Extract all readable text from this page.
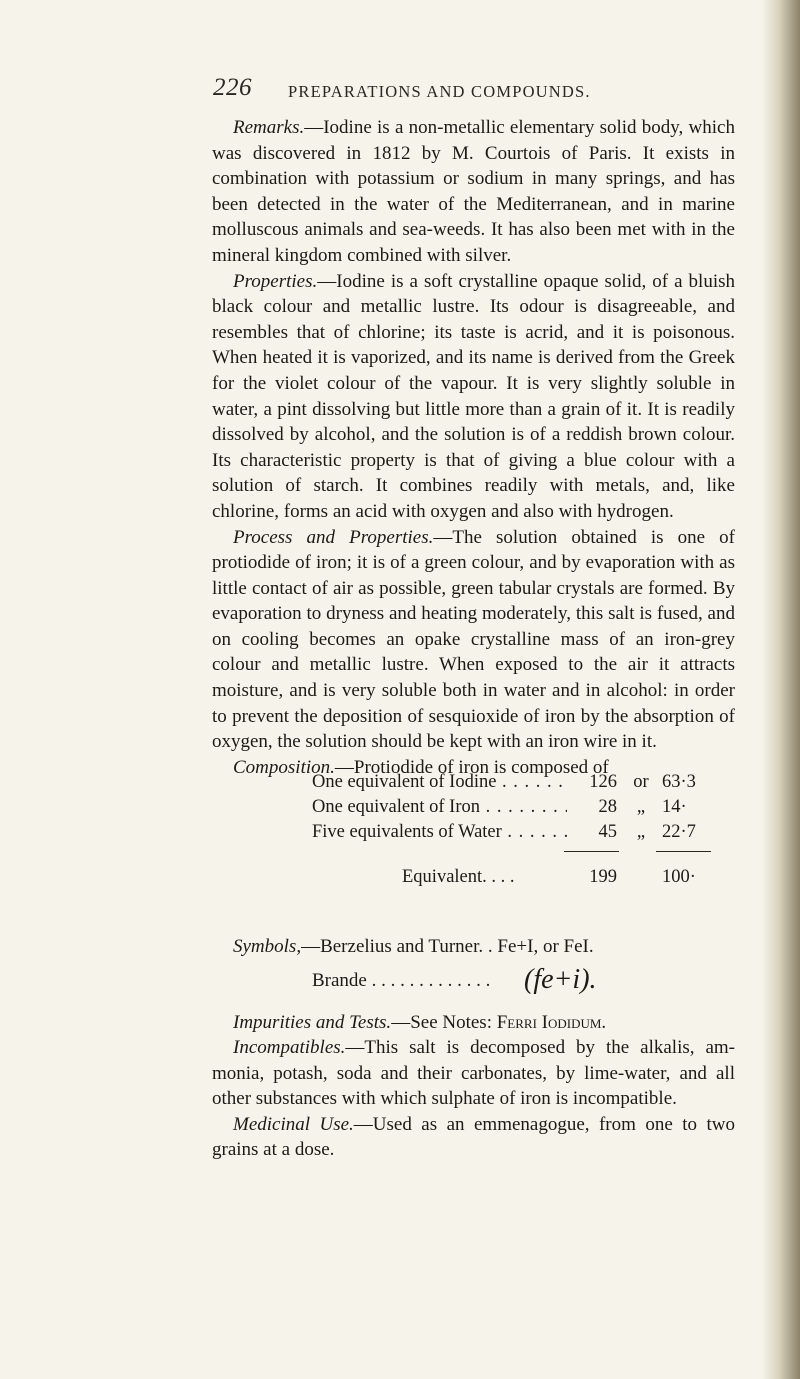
226 PREPARATIONS AND COMPOUNDS.

Remarks.—Iodine is a non-metallic elementary solid body, which was discovered in 1812 by M. Courtois of Paris. It exists in combination with potassium or sodium in many springs, and has been detected in the water of the Mediterranean, and in marine molluscous animals and sea-weeds. It has also been met with in the mineral kingdom combined with silver.

Properties.—Iodine is a soft crystalline opaque solid, of a bluish black colour and metallic lustre. Its odour is disagreeable, and resembles that of chlorine; its taste is acrid, and it is poisonous. When heated it is vaporized, and its name is derived from the Greek for the violet colour of the vapour. It is very slightly soluble in water, a pint dissolving but little more than a grain of it. It is readily dissolved by alcohol, and the solution is of a reddish brown colour. Its characteristic property is that of giving a blue colour with a solution of starch. It combines readily with metals, and, like chlorine, forms an acid with oxygen and also with hydrogen.

Process and Properties.—The solution obtained is one of protiodide of iron; it is of a green colour, and by evaporation with as little contact of air as possible, green tabular crystals are formed. By evaporation to dryness and heating moderately, this salt is fused, and on cooling becomes an opake crystalline mass of an iron-grey colour and metallic lustre. When exposed to the air it attracts moisture, and is very soluble both in water and in alcohol: in order to prevent the deposition of sesquioxide of iron by the absorption of oxygen, the solution should be kept with an iron wire in it.

Composition.—Protiodide of iron is composed of

One equivalent of Iodine . . .	126 or 63·3
One equivalent of Iron . . .	28	„ 14·
Five equivalents of Water . . .	45	„ 22·7
Equivalent. . . .	199 100·
Symbols,—Berzelius and Turner. . Fe+I, or FeI.
Brande . . . . . . . . . . . . . (fe+i).

Impurities and Tests.—See Notes: Ferri Iodidum.

Incompatibles.—This salt is decomposed by the alkalis, ammonia, potash, soda and their carbonates, by lime-water, and all other substances with which sulphate of iron is incompatible.

Medicinal Use.—Used as an emmenagogue, from one to two grains at a dose.
